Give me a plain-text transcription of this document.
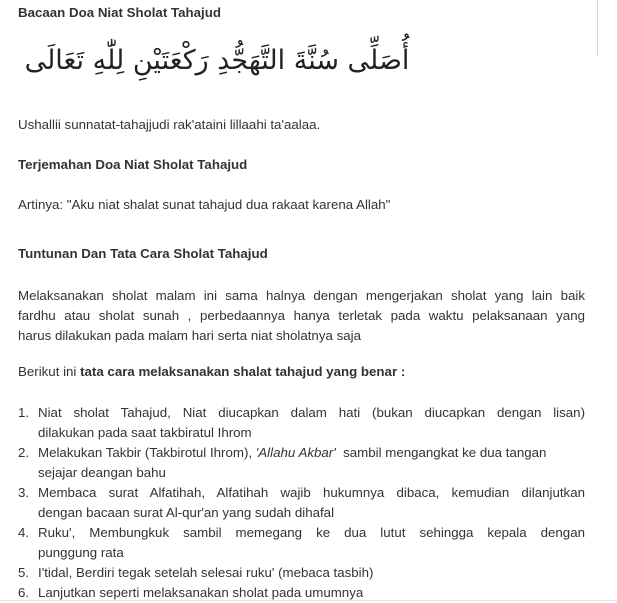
Bacaan Doa Niat Sholat Tahajud
أُصَلِّى سُنَّةَ التَّهَجُّدِ رَكْعَتَيْنِ لِلّٰهِ تَعَالَى
Ushallii sunnatat-tahajjudi rak'ataini lillaahi ta'aalaa.
Terjemahan Doa Niat Sholat Tahajud
Artinya: "Aku niat shalat sunat tahajud dua rakaat karena Allah"
Tuntunan Dan Tata Cara Sholat Tahajud
Melaksanakan sholat malam ini sama halnya dengan mengerjakan sholat yang lain baik
fardhu atau sholat sunah , perbedaannya hanya terletak pada waktu pelaksanaan yang
harus dilakukan pada malam hari serta niat sholatnya saja
Berikut ini tata cara melaksanakan shalat tahajud yang benar :
1. Niat sholat Tahajud, Niat diucapkan dalam hati (bukan diucapkan dengan lisan)
dilakukan pada saat takbiratul Ihrom
2. Melakukan Takbir (Takbirotul Ihrom), 'Allahu Akbar'  sambil mengangkat ke dua tangan
sejajar deangan bahu
3. Membaca surat Alfatihah, Alfatihah wajib hukumnya dibaca, kemudian dilanjutkan
dengan bacaan surat Al-qur'an yang sudah dihafal
4. Ruku', Membungkuk sambil memegang ke dua lutut sehingga kepala dengan
punggung rata
5. I'tidal, Berdiri tegak setelah selesai ruku' (mebaca tasbih)
6. Lanjutkan seperti melaksanakan sholat pada umumnya
